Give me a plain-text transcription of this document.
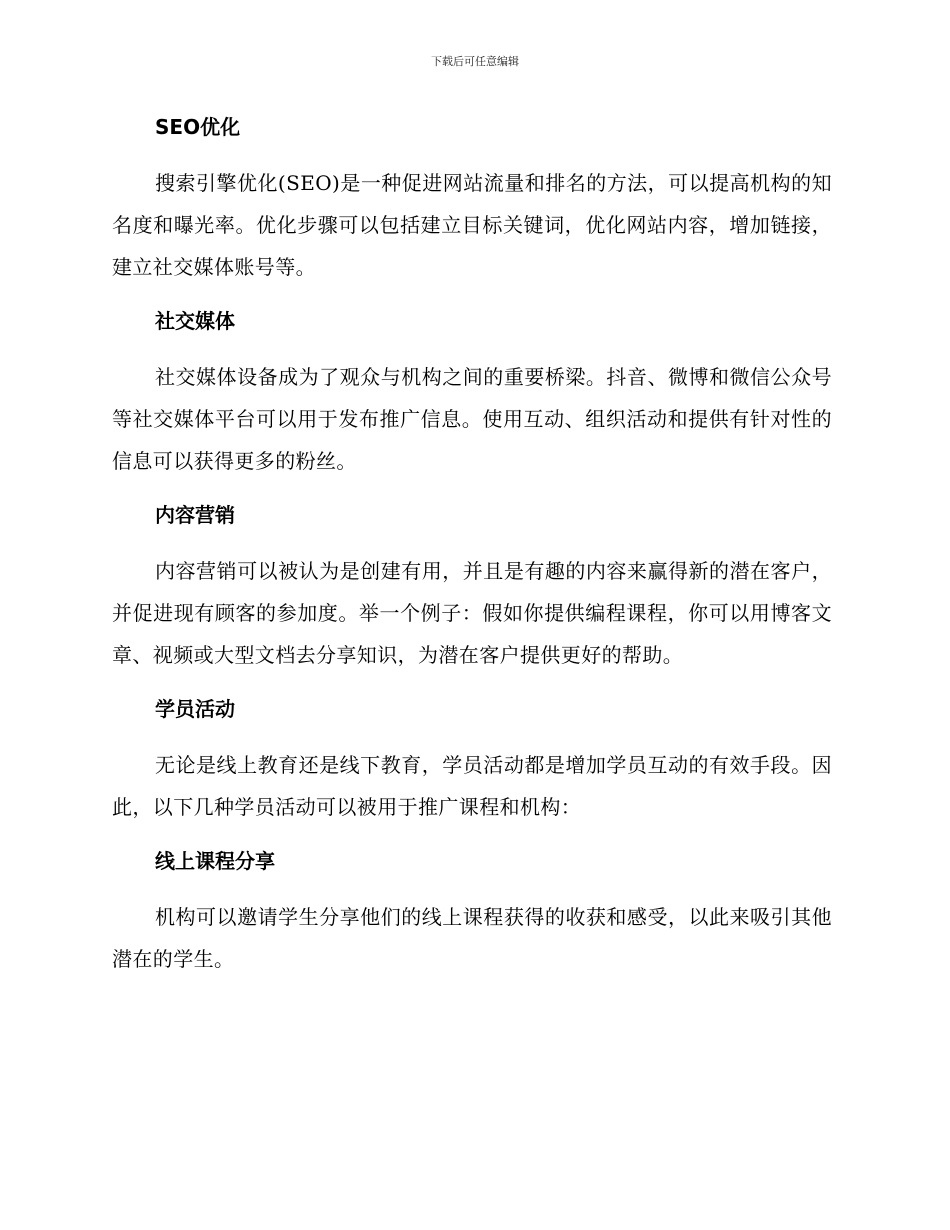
下载后可任意编辑
SEO优化

搜索引擎优化(SEO)是一种促进网站流量和排名的方法，可以提高机构的知名度和曝光率。优化步骤可以包括建立目标关键词，优化网站内容，增加链接，建立社交媒体账号等。

社交媒体

社交媒体设备成为了观众与机构之间的重要桥梁。抖音、微博和微信公众号等社交媒体平台可以用于发布推广信息。使用互动、组织活动和提供有针对性的信息可以获得更多的粉丝。

内容营销

内容营销可以被认为是创建有用，并且是有趣的内容来赢得新的潜在客户，并促进现有顾客的参加度。举一个例子：假如你提供编程课程，你可以用博客文章、视频或大型文档去分享知识，为潜在客户提供更好的帮助。

学员活动

无论是线上教育还是线下教育，学员活动都是增加学员互动的有效手段。因此，以下几种学员活动可以被用于推广课程和机构：

线上课程分享

机构可以邀请学生分享他们的线上课程获得的收获和感受，以此来吸引其他潜在的学生。
